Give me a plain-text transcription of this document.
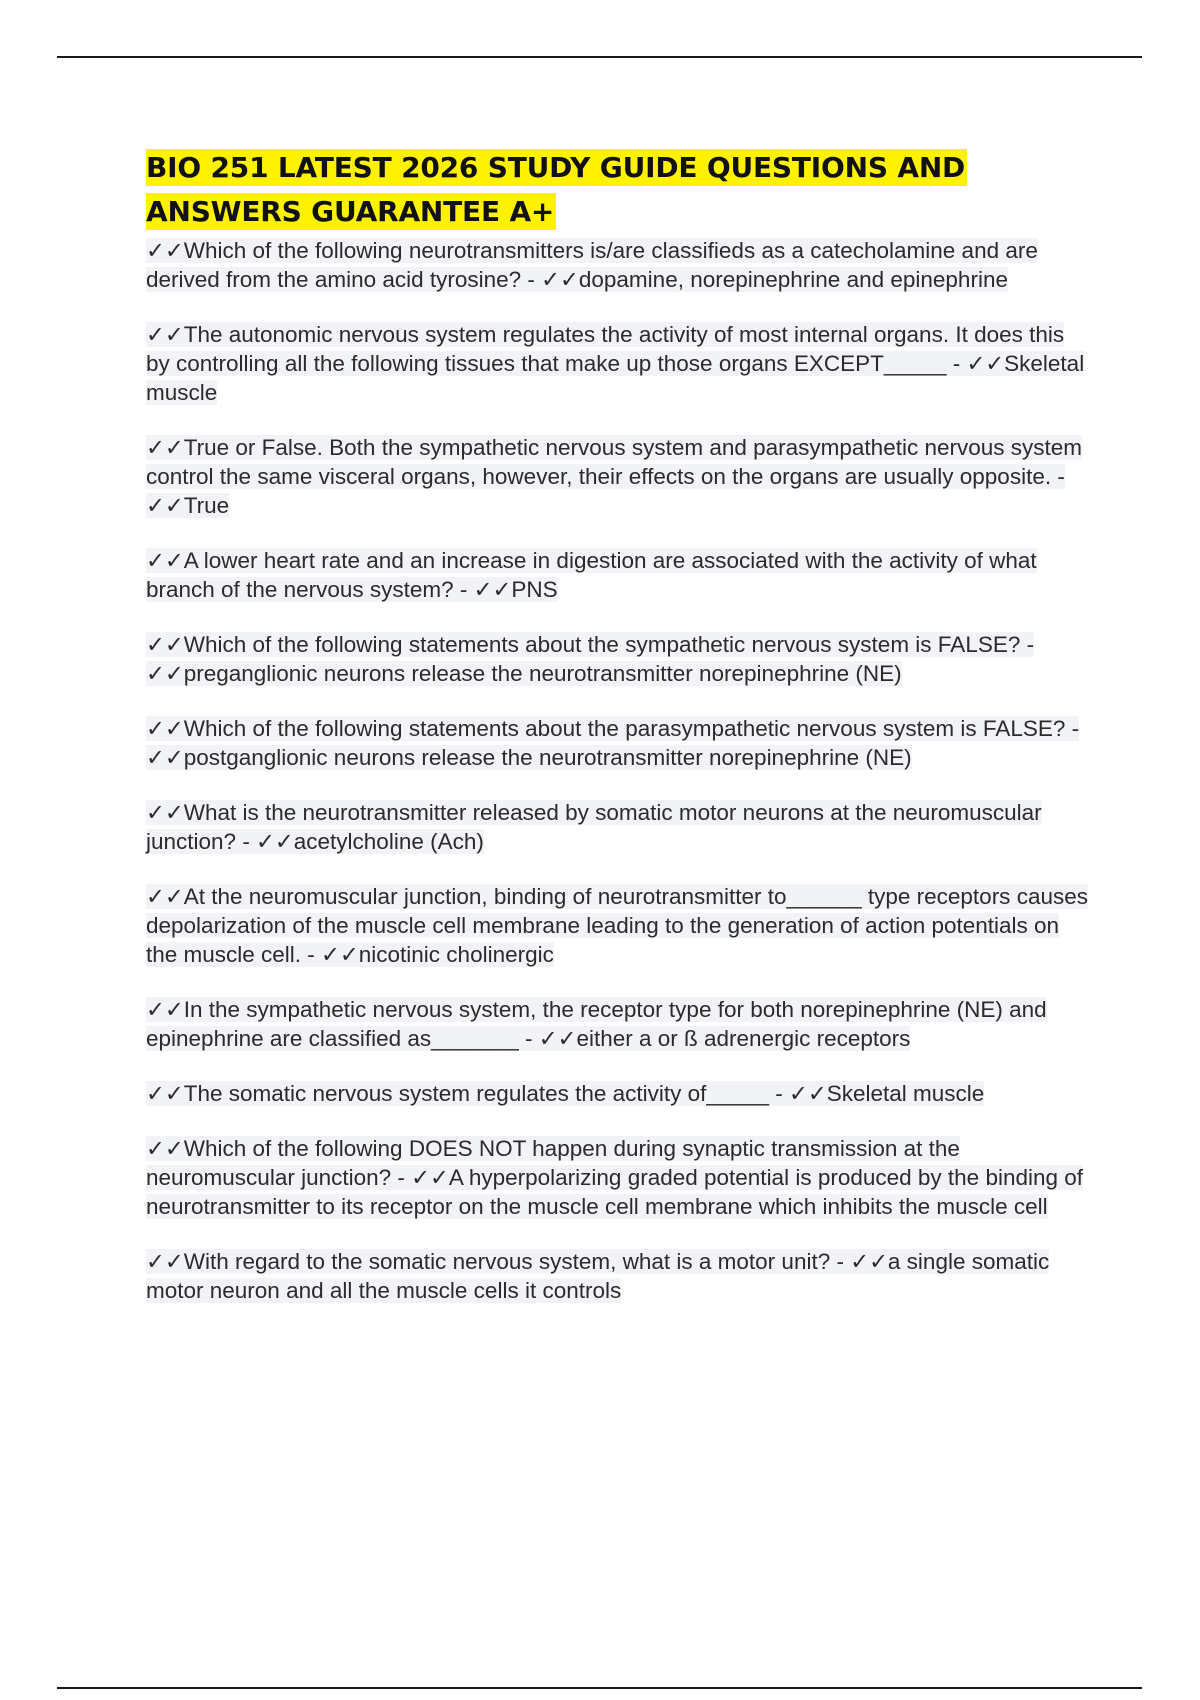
BIO 251 LATEST 2026 STUDY GUIDE QUESTIONS AND ANSWERS GUARANTEE A+

✓✓Which of the following neurotransmitters is/are classifieds as a catecholamine and are derived from the amino acid tyrosine? - ✓✓dopamine, norepinephrine and epinephrine

✓✓The autonomic nervous system regulates the activity of most internal organs. It does this by controlling all the following tissues that make up those organs EXCEPT_____ - ✓✓Skeletal muscle

✓✓True or False. Both the sympathetic nervous system and parasympathetic nervous system control the same visceral organs, however, their effects on the organs are usually opposite. - ✓✓True

✓✓A lower heart rate and an increase in digestion are associated with the activity of what branch of the nervous system? - ✓✓PNS

✓✓Which of the following statements about the sympathetic nervous system is FALSE? - ✓✓preganglionic neurons release the neurotransmitter norepinephrine (NE)

✓✓Which of the following statements about the parasympathetic nervous system is FALSE? - ✓✓postganglionic neurons release the neurotransmitter norepinephrine (NE)

✓✓What is the neurotransmitter released by somatic motor neurons at the neuromuscular junction? - ✓✓acetylcholine (Ach)

✓✓At the neuromuscular junction, binding of neurotransmitter to______ type receptors causes depolarization of the muscle cell membrane leading to the generation of action potentials on the muscle cell. - ✓✓nicotinic cholinergic

✓✓In the sympathetic nervous system, the receptor type for both norepinephrine (NE) and epinephrine are classified as_______ - ✓✓either a or ß adrenergic receptors

✓✓The somatic nervous system regulates the activity of_____ - ✓✓Skeletal muscle

✓✓Which of the following DOES NOT happen during synaptic transmission at the neuromuscular junction? - ✓✓A hyperpolarizing graded potential is produced by the binding of neurotransmitter to its receptor on the muscle cell membrane which inhibits the muscle cell

✓✓With regard to the somatic nervous system, what is a motor unit? - ✓✓a single somatic motor neuron and all the muscle cells it controls
